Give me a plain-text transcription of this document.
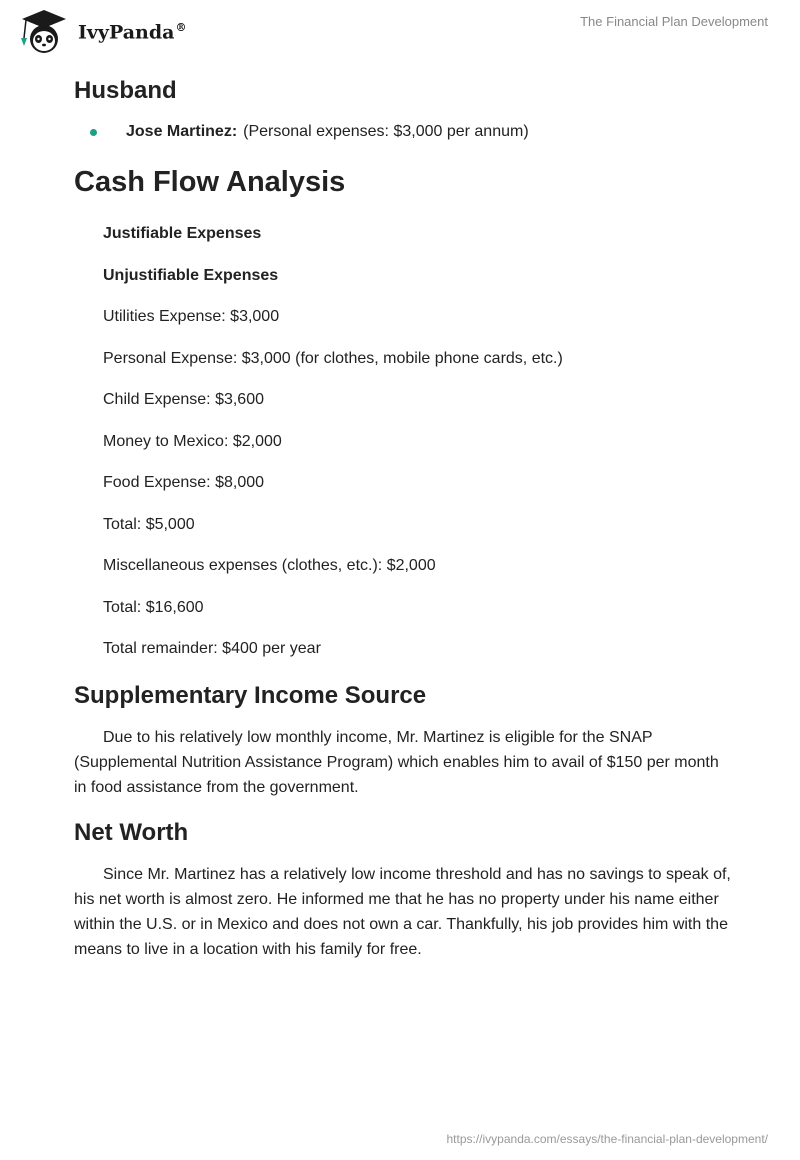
IvyPanda®	The Financial Plan Development
Husband
Jose Martinez: (Personal expenses: $3,000 per annum)
Cash Flow Analysis
Justifiable Expenses
Unjustifiable Expenses
Utilities Expense: $3,000
Personal Expense: $3,000 (for clothes, mobile phone cards, etc.)
Child Expense: $3,600
Money to Mexico: $2,000
Food Expense: $8,000
Total: $5,000
Miscellaneous expenses (clothes, etc.): $2,000
Total: $16,600
Total remainder: $400 per year
Supplementary Income Source

Due to his relatively low monthly income, Mr. Martinez is eligible for the SNAP (Supplemental Nutrition Assistance Program) which enables him to avail of $150 per month in food assistance from the government.

Net Worth

Since Mr. Martinez has a relatively low income threshold and has no savings to speak of, his net worth is almost zero. He informed me that he has no property under his name either within the U.S. or in Mexico and does not own a car. Thankfully, his job provides him with the means to live in a location with his family for free.

https://ivypanda.com/essays/the-financial-plan-development/
